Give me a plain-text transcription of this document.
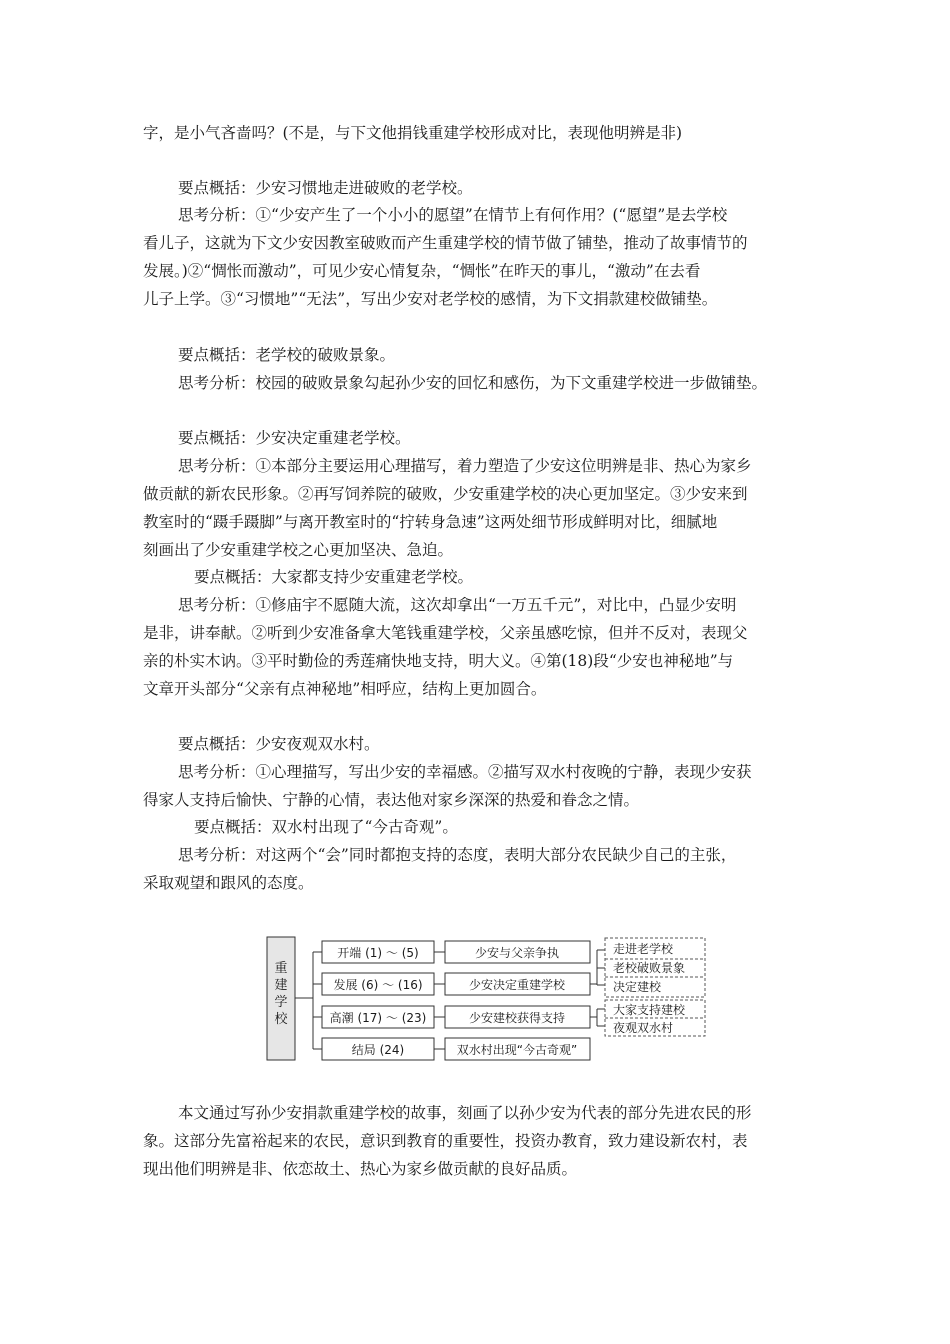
字，是小气吝啬吗？(不是，与下文他捐钱重建学校形成对比，表现他明辨是非)
要点概括：少安习惯地走进破败的老学校。
思考分析：①“少安产生了一个小小的愿望”在情节上有何作用？(“愿望”是去学校
看儿子，这就为下文少安因教室破败而产生重建学校的情节做了铺垫，推动了故事情节的
发展。)②“惆怅而激动”，可见少安心情复杂，“惆怅”在昨天的事儿，“激动”在去看
儿子上学。③“习惯地”“无法”，写出少安对老学校的感情，为下文捐款建校做铺垫。
要点概括：老学校的破败景象。
思考分析：校园的破败景象勾起孙少安的回忆和感伤，为下文重建学校进一步做铺垫。
要点概括：少安决定重建老学校。
思考分析：①本部分主要运用心理描写，着力塑造了少安这位明辨是非、热心为家乡
做贡献的新农民形象。②再写饲养院的破败，少安重建学校的决心更加坚定。③少安来到
教室时的“蹑手蹑脚”与离开教室时的“拧转身急速”这两处细节形成鲜明对比，细腻地
刻画出了少安重建学校之心更加坚决、急迫。
要点概括：大家都支持少安重建老学校。
思考分析：①修庙宇不愿随大流，这次却拿出“一万五千元”，对比中，凸显少安明
是非，讲奉献。②听到少安准备拿大笔钱重建学校，父亲虽感吃惊，但并不反对，表现父
亲的朴实木讷。③平时勤俭的秀莲痛快地支持，明大义。④第(18)段“少安也神秘地”与
文章开头部分“父亲有点神秘地”相呼应，结构上更加圆合。
要点概括：少安夜观双水村。
思考分析：①心理描写，写出少安的幸福感。②描写双水村夜晚的宁静，表现少安获
得家人支持后愉快、宁静的心情，表达他对家乡深深的热爱和眷念之情。
要点概括：双水村出现了“今古奇观”。
思考分析：对这两个“会”同时都抱支持的态度，表明大部分农民缺少自己的主张，
采取观望和跟风的态度。
重
建
学
校
开端 (1) ～ (5)
发展 (6) ～ (16)
高潮 (17) ～ (23)
结局 (24)
少安与父亲争执
少安决定重建学校
少安建校获得支持
双水村出现“今古奇观”
走进老学校
老校破败景象
决定建校
大家支持建校
夜观双水村
本文通过写孙少安捐款重建学校的故事，刻画了以孙少安为代表的部分先进农民的形
象。这部分先富裕起来的农民，意识到教育的重要性，投资办教育，致力建设新农村，表
现出他们明辨是非、依恋故土、热心为家乡做贡献的良好品质。
